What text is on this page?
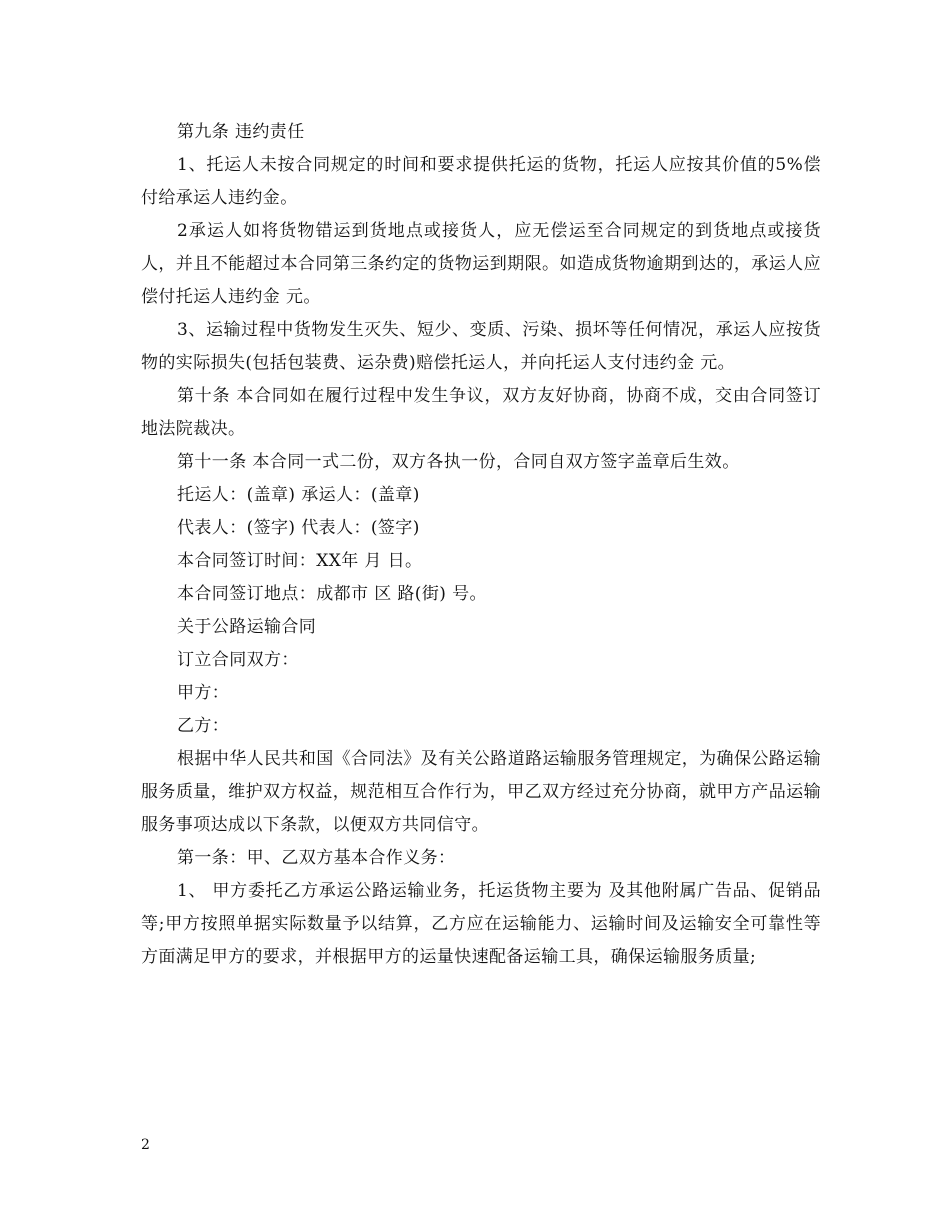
第九条 违约责任

1、托运人未按合同规定的时间和要求提供托运的货物，托运人应按其价值的5%偿付给承运人违约金。

2承运人如将货物错运到货地点或接货人，应无偿运至合同规定的到货地点或接货人，并且不能超过本合同第三条约定的货物运到期限。如造成货物逾期到达的，承运人应偿付托运人违约金 元。

3、运输过程中货物发生灭失、短少、变质、污染、损坏等任何情况，承运人应按货物的实际损失(包括包装费、运杂费)赔偿托运人，并向托运人支付违约金 元。

第十条 本合同如在履行过程中发生争议，双方友好协商，协商不成，交由合同签订地法院裁决。

第十一条 本合同一式二份，双方各执一份，合同自双方签字盖章后生效。

托运人：(盖章) 承运人：(盖章)

代表人：(签字) 代表人：(签字)

本合同签订时间：XX年 月 日。

本合同签订地点：成都市 区 路(街) 号。

关于公路运输合同

订立合同双方：

甲方：

乙方：

根据中华人民共和国《合同法》及有关公路道路运输服务管理规定，为确保公路运输服务质量，维护双方权益，规范相互合作行为，甲乙双方经过充分协商，就甲方产品运输服务事项达成以下条款，以便双方共同信守。

第一条：甲、乙双方基本合作义务：

1、 甲方委托乙方承运公路运输业务，托运货物主要为 及其他附属广告品、促销品等;甲方按照单据实际数量予以结算，乙方应在运输能力、运输时间及运输安全可靠性等方面满足甲方的要求，并根据甲方的运量快速配备运输工具，确保运输服务质量;

2
